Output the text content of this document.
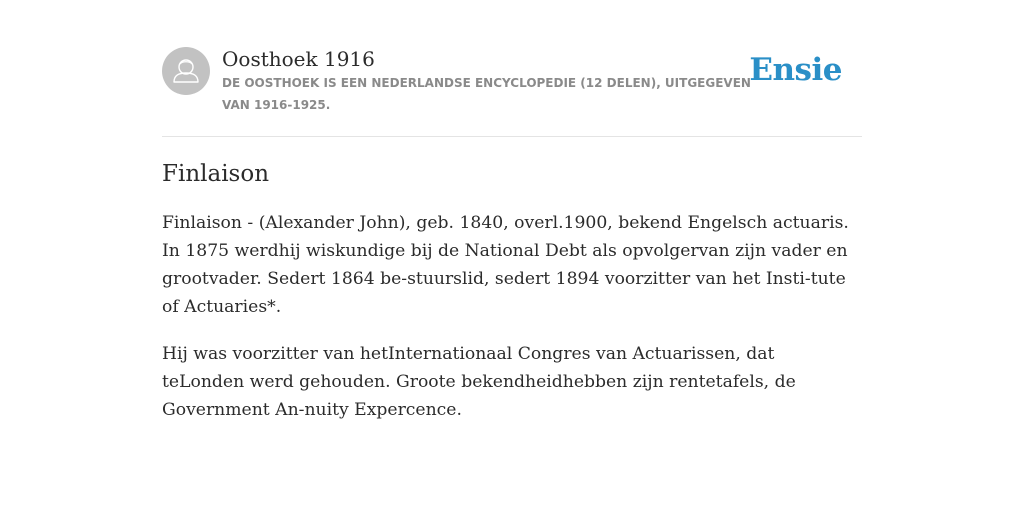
Oosthoek 1916
DE OOSTHOEK IS EEN NEDERLANDSE ENCYCLOPEDIE (12 DELEN), UITGEGEVEN VAN 1916-1925.
Ensie
Finlaison

Finlaison - (Alexander John), geb. 1840, overl.1900, bekend Engelsch actuaris. In 1875 werdhij wiskundige bij de National Debt als opvolgervan zijn vader en grootvader. Sedert 1864 be-stuurslid, sedert 1894 voorzitter van het Insti-tute of Actuaries*.

Hij was voorzitter van hetInternationaal Congres van Actuarissen, dat teLonden werd gehouden. Groote bekendheidhebben zijn rentetafels, de Government An-nuity Expercence.
